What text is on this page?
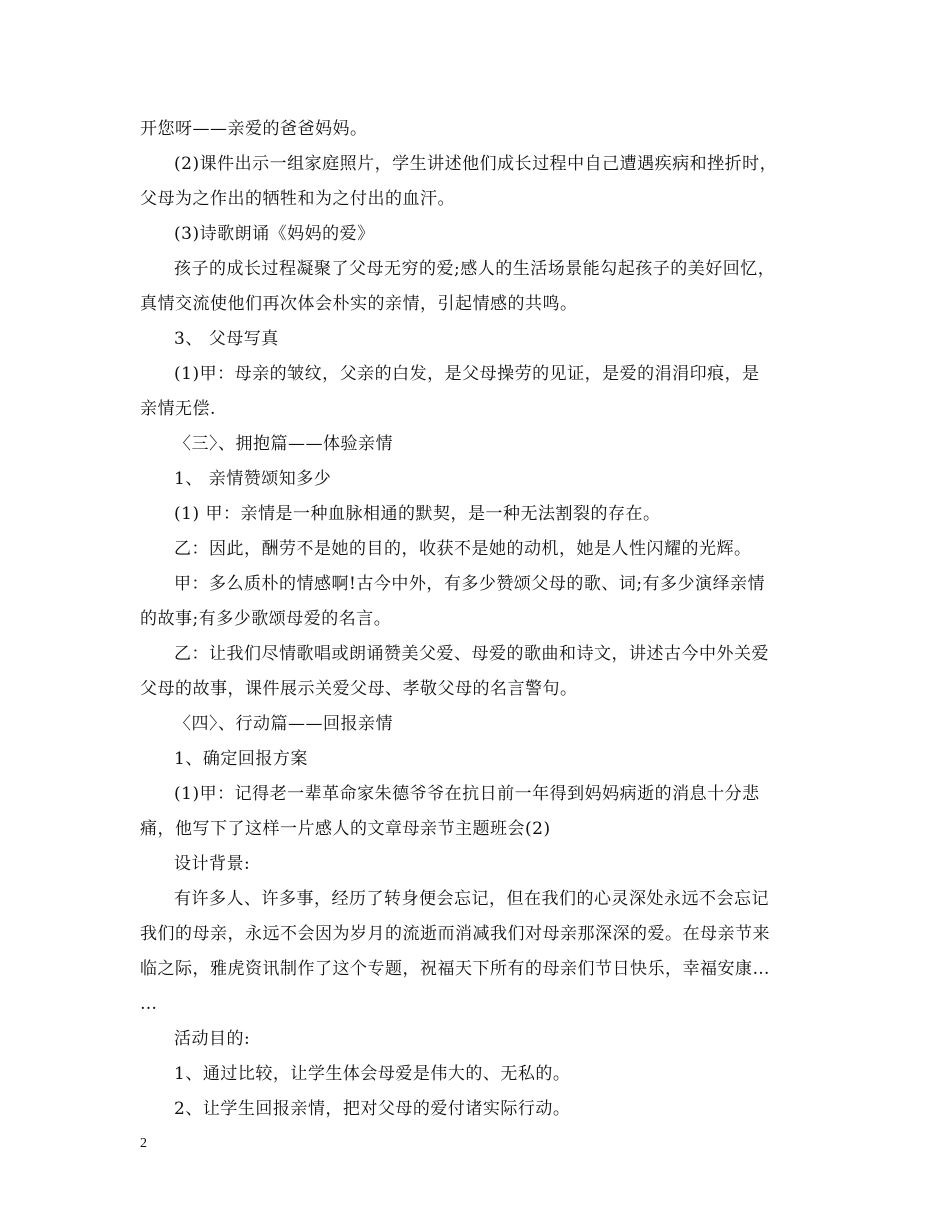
开您呀——亲爱的爸爸妈妈。
(2)课件出示一组家庭照片，学生讲述他们成长过程中自己遭遇疾病和挫折时，
父母为之作出的牺牲和为之付出的血汗。
(3)诗歌朗诵《妈妈的爱》
孩子的成长过程凝聚了父母无穷的爱;感人的生活场景能勾起孩子的美好回忆，
真情交流使他们再次体会朴实的亲情，引起情感的共鸣。
3、 父母写真
(1)甲：母亲的皱纹，父亲的白发，是父母操劳的见证，是爱的涓涓印痕，是
亲情无偿.
〈三〉、拥抱篇——体验亲情
1、 亲情赞颂知多少
(1) 甲：亲情是一种血脉相通的默契，是一种无法割裂的存在。
乙：因此，酬劳不是她的目的，收获不是她的动机，她是人性闪耀的光辉。
甲：多么质朴的情感啊!古今中外，有多少赞颂父母的歌、词;有多少演绎亲情
的故事;有多少歌颂母爱的名言。
乙：让我们尽情歌唱或朗诵赞美父爱、母爱的歌曲和诗文，讲述古今中外关爱
父母的故事，课件展示关爱父母、孝敬父母的名言警句。
〈四〉、行动篇——回报亲情
1、确定回报方案
(1)甲：记得老一辈革命家朱德爷爷在抗日前一年得到妈妈病逝的消息十分悲
痛，他写下了这样一片感人的文章母亲节主题班会(2)
设计背景:
有许多人、许多事，经历了转身便会忘记，但在我们的心灵深处永远不会忘记
我们的母亲，永远不会因为岁月的流逝而消减我们对母亲那深深的爱。在母亲节来
临之际，雅虎资讯制作了这个专题，祝福天下所有的母亲们节日快乐，幸福安康…
…
活动目的:
1、通过比较，让学生体会母爱是伟大的、无私的。
2、让学生回报亲情，把对父母的爱付诸实际行动。
2
